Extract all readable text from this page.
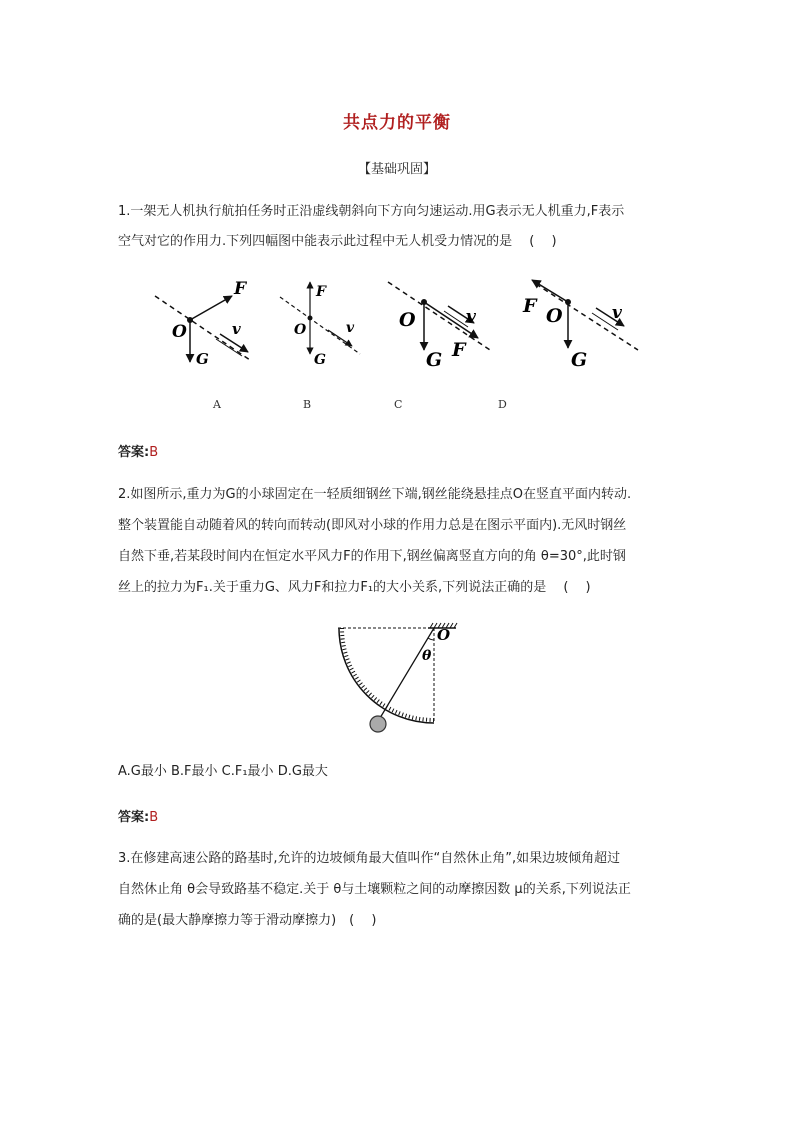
共点力的平衡
【基础巩固】
1.一架无人机执行航拍任务时正沿虚线朝斜向下方向匀速运动.用G表示无人机重力,F表示
空气对它的作用力.下列四幅图中能表示此过程中无人机受力情况的是　 (　 )
O
F
G
v	O
F
G
v O
F
G
v F O
G
v
A	B	C	D
答案:B
2.如图所示,重力为G的小球固定在一轻质细钢丝下端,钢丝能绕悬挂点O在竖直平面内转动.
整个装置能自动随着风的转向而转动(即风对小球的作用力总是在图示平面内).无风时钢丝
自然下垂,若某段时间内在恒定水平风力F的作用下,钢丝偏离竖直方向的角 θ=30°,此时钢
丝上的拉力为F₁.关于重力G、风力F和拉力F₁的大小关系,下列说法正确的是　 (　 )
O
θ
A.G最小 B.F最小 C.F₁最小 D.G最大
答案:B
3.在修建高速公路的路基时,允许的边坡倾角最大值叫作“自然休止角”,如果边坡倾角超过
自然休止角 θ会导致路基不稳定.关于 θ与土壤颗粒之间的动摩擦因数 μ的关系,下列说法正
确的是(最大静摩擦力等于滑动摩擦力)　(　 )
